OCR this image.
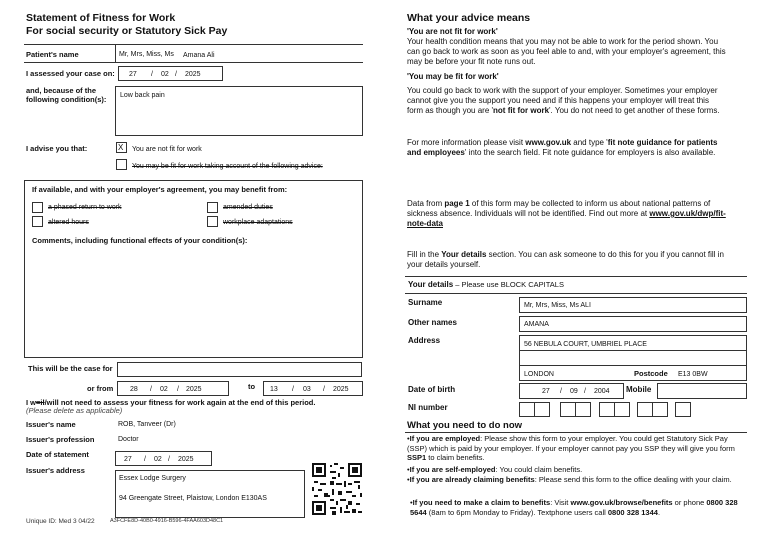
Statement of Fitness for Work
For social security or Statutory Sick Pay
Patient's name	Mr, Mrs, Miss, Ms Amana Ali
I assessed your case on: 27 / 02 / 2025
and, because of the following condition(s):	Low back pain
I advise you that:	X You are not fit for work
You may be fit for work taking account of the following advice:
If available, and with your employer's agreement, you may benefit from:
a phased return to work	amended duties
altered hours	workplace adaptations
Comments, including functional effects of your condition(s):
This will be the case for
or from 28 / 02 / 2025	to 13 / 03 / 2025
I w=il/will not need to assess your fitness for work again at the end of this period.
(Please delete as applicable)
Issuer's name	ROB, Tanveer (Dr)
Issuer's profession	Doctor
Date of statement
27 / 02 / 2025
Issuer's address
Essex Lodge Surgery
94 Greengate Street, Plaistow, London E130AS
Unique ID: Med 3 04/22	A3FCFE8D-40B0-4916-B596-4FAA603D48C1
What your advice means
'You are not fit for work'
Your health condition means that you may not be able to work for the period shown. You can go back to work as soon as you feel able to and, with your employer's agreement, this may be before your fit note runs out.
'You may be fit for work'
You could go back to work with the support of your employer. Sometimes your employer cannot give you the support you need and if this happens your employer will treat this form as though you are 'not fit for work'. You do not need to get another of these forms.
For more information please visit www.gov.uk and type 'fit note guidance for patients and employees' into the search field. Fit note guidance for employers is also available.
Data from page 1 of this form may be collected to inform us about national patterns of sickness absence. Individuals will not be identified. Find out more at www.gov.uk/dwp/fit-note-data
Fill in the Your details section. You can ask someone to do this for you if you cannot fill in your details yourself.
Your details – Please use BLOCK CAPITALS
Surname	Mr, Mrs, Miss, Ms ALI
Other names	AMANA
Address	56 NEBULA COURT, UMBRIEL PLACE
LONDON	Postcode E13 0BW
Date of birth	27 / 09 / 2004 Mobile
NI number
What you need to do now
•If you are employed: Please show this form to your employer. You could get Statutory Sick Pay (SSP) which is paid by your employer. If your employer cannot pay you SSP they will give you form SSP1 to claim benefits.
•If you are self-employed: You could claim benefits.
•If you are already claiming benefits: Please send this form to the office dealing with your claim.
•If you need to make a claim to benefits: Visit www.gov.uk/browse/benefits or phone 0800 328 5644 (8am to 6pm Monday to Friday). Textphone users call 0800 328 1344.
